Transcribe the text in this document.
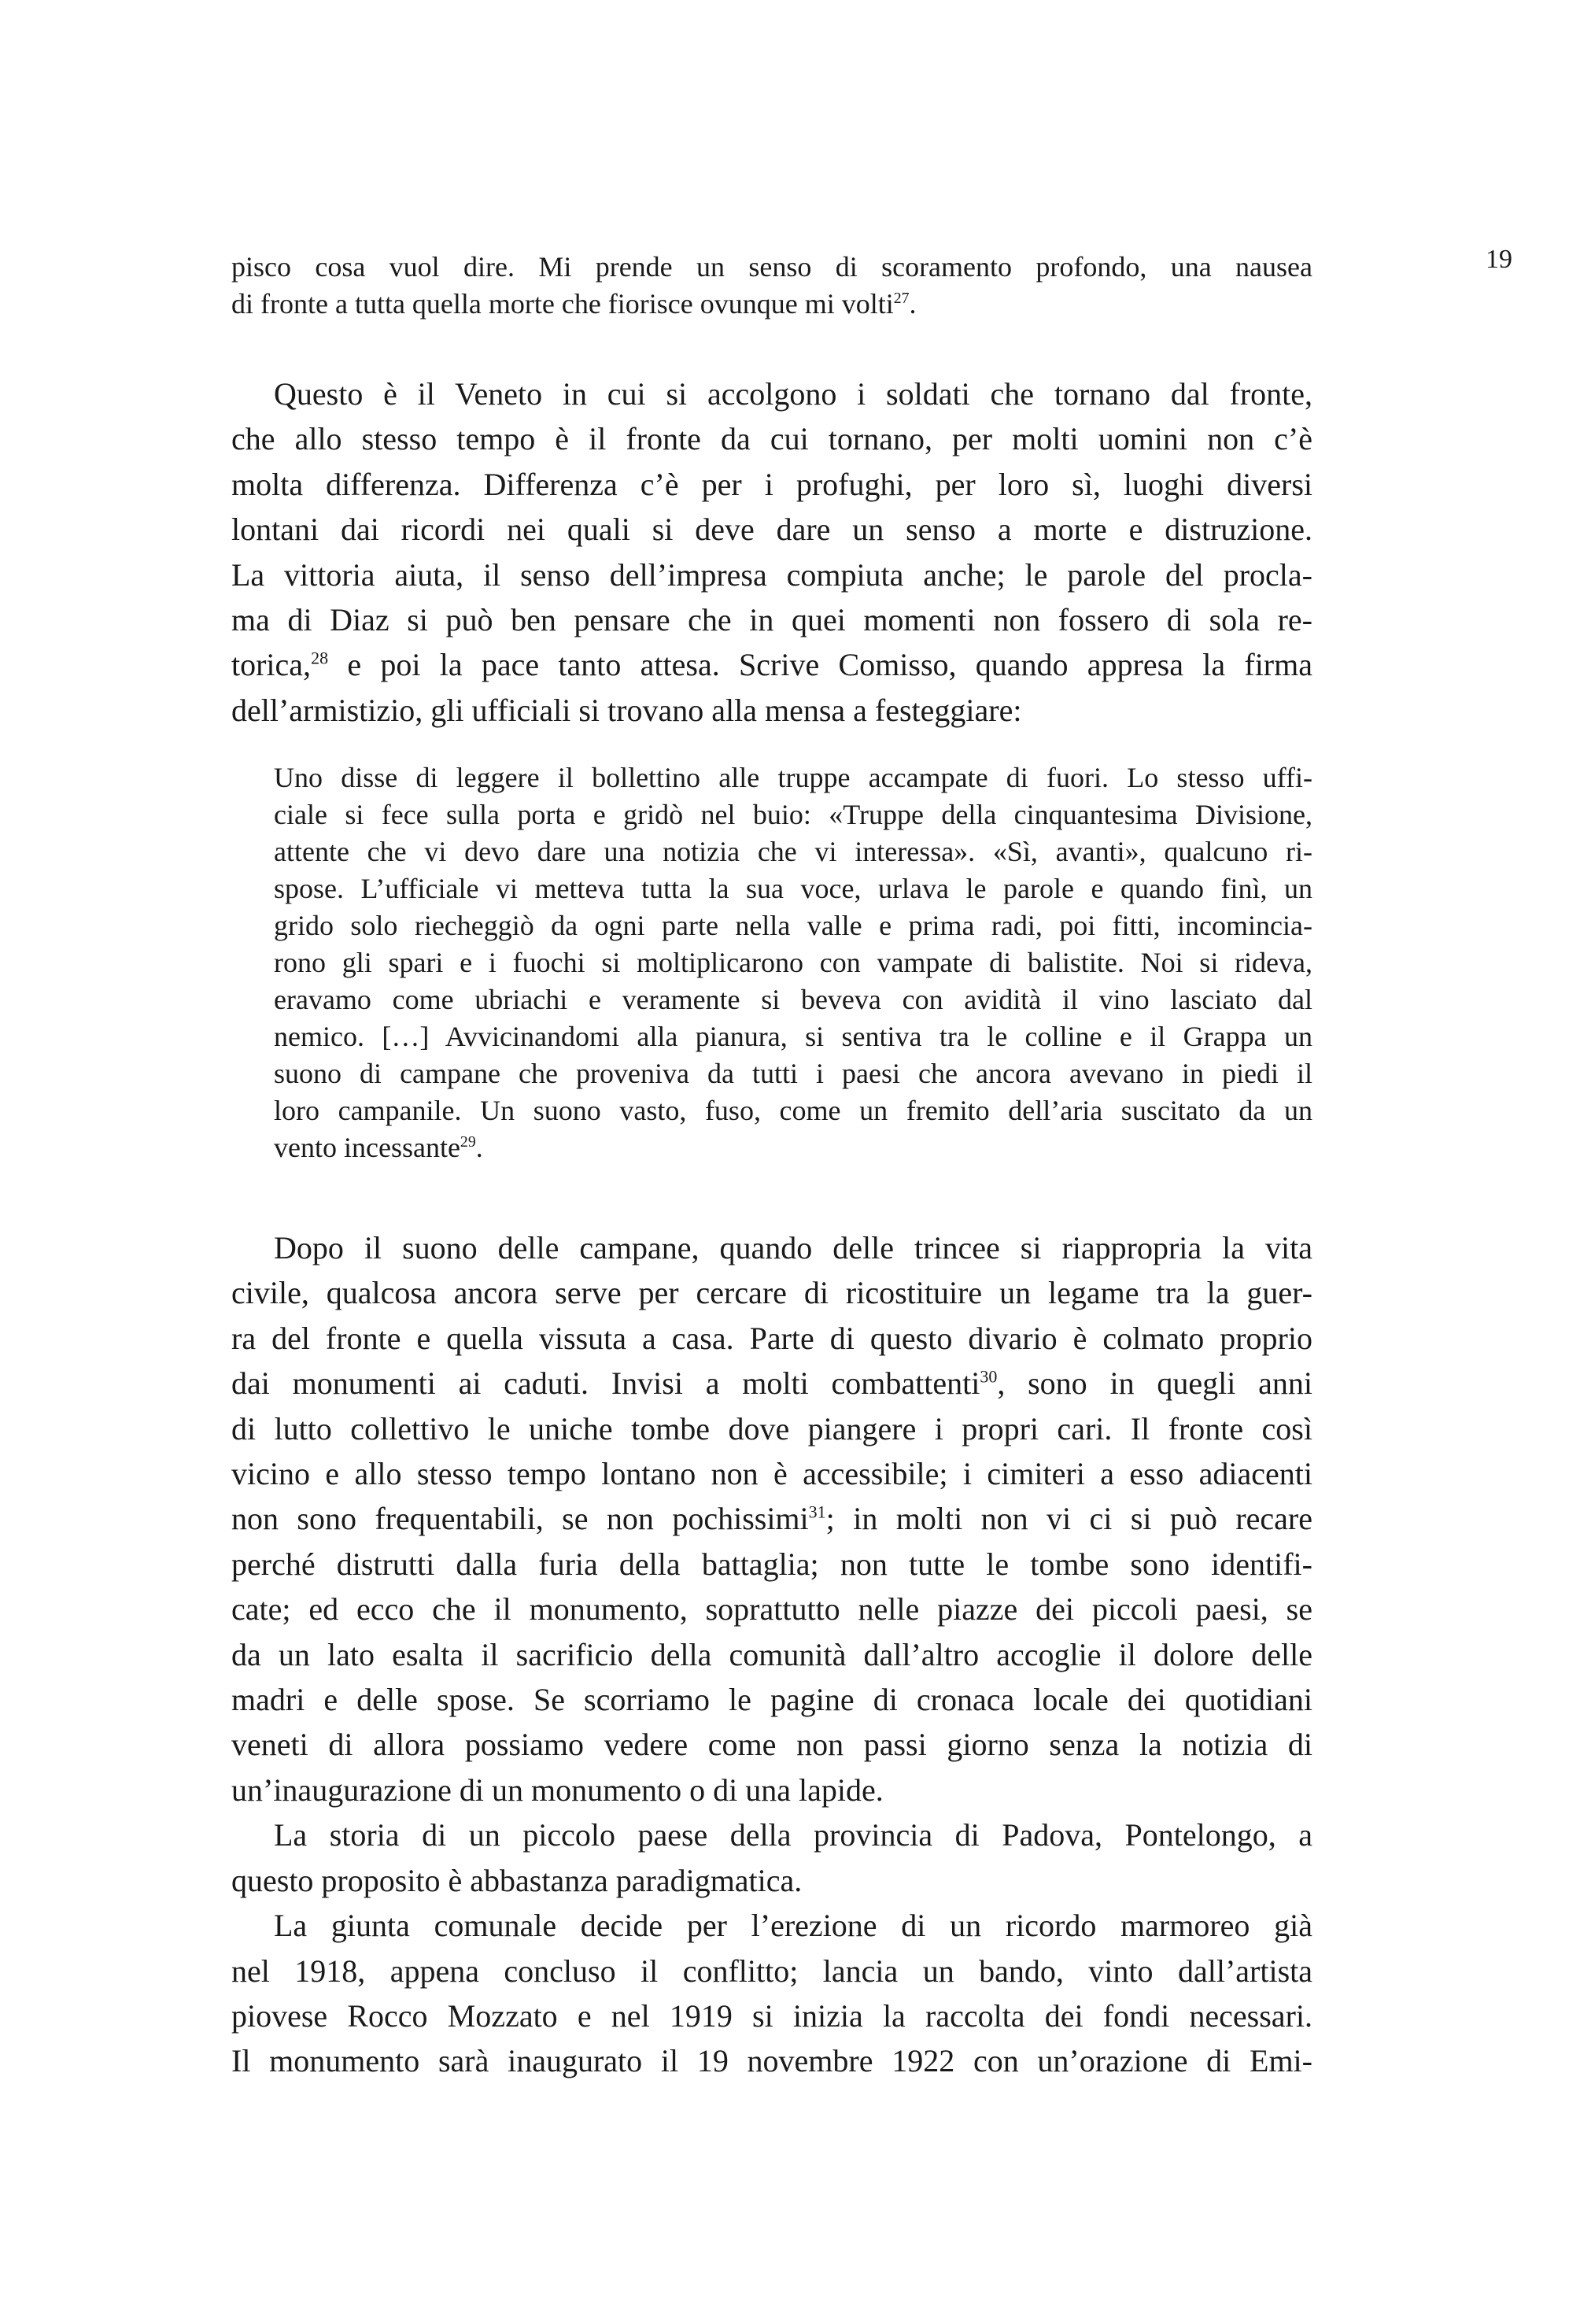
19
pisco cosa vuol dire. Mi prende un senso di scoramento profondo, una nausea
di fronte a tutta quella morte che fiorisce ovunque mi volti$^{27}$.
Questo è il Veneto in cui si accolgono i soldati che tornano dal fronte,
che allo stesso tempo è il fronte da cui tornano, per molti uomini non c’è
molta differenza. Differenza c’è per i profughi, per loro sì, luoghi diversi
lontani dai ricordi nei quali si deve dare un senso a morte e distruzione.
La vittoria aiuta, il senso dell’impresa compiuta anche; le parole del procla-
ma di Diaz si può ben pensare che in quei momenti non fossero di sola re-
torica,$^{28}$ e poi la pace tanto attesa. Scrive Comisso, quando appresa la firma
dell’armistizio, gli ufficiali si trovano alla mensa a festeggiare:
Uno disse di leggere il bollettino alle truppe accampate di fuori. Lo stesso uffi-
ciale si fece sulla porta e gridò nel buio: «Truppe della cinquantesima Divisione,
attente che vi devo dare una notizia che vi interessa». «Sì, avanti», qualcuno ri-
spose. L’ufficiale vi metteva tutta la sua voce, urlava le parole e quando finì, un
grido solo riecheggiò da ogni parte nella valle e prima radi, poi fitti, incomincia-
rono gli spari e i fuochi si moltiplicarono con vampate di balistite. Noi si rideva,
eravamo come ubriachi e veramente si beveva con avidità il vino lasciato dal
nemico. […] Avvicinandomi alla pianura, si sentiva tra le colline e il Grappa un
suono di campane che proveniva da tutti i paesi che ancora avevano in piedi il
loro campanile. Un suono vasto, fuso, come un fremito dell’aria suscitato da un
vento incessante$^{29}$.
Dopo il suono delle campane, quando delle trincee si riappropria la vita
civile, qualcosa ancora serve per cercare di ricostituire un legame tra la guer-
ra del fronte e quella vissuta a casa. Parte di questo divario è colmato proprio
dai monumenti ai caduti. Invisi a molti combattenti$^{30}$, sono in quegli anni
di lutto collettivo le uniche tombe dove piangere i propri cari. Il fronte così
vicino e allo stesso tempo lontano non è accessibile; i cimiteri a esso adiacenti
non sono frequentabili, se non pochissimi$^{31}$; in molti non vi ci si può recare
perché distrutti dalla furia della battaglia; non tutte le tombe sono identifi-
cate; ed ecco che il monumento, soprattutto nelle piazze dei piccoli paesi, se
da un lato esalta il sacrificio della comunità dall’altro accoglie il dolore delle
madri e delle spose. Se scorriamo le pagine di cronaca locale dei quotidiani
veneti di allora possiamo vedere come non passi giorno senza la notizia di
un’inaugurazione di un monumento o di una lapide.
La storia di un piccolo paese della provincia di Padova, Pontelongo, a
questo proposito è abbastanza paradigmatica.
La giunta comunale decide per l’erezione di un ricordo marmoreo già
nel 1918, appena concluso il conflitto; lancia un bando, vinto dall’artista
piovese Rocco Mozzato e nel 1919 si inizia la raccolta dei fondi necessari.
Il monumento sarà inaugurato il 19 novembre 1922 con un’orazione di Emi-
